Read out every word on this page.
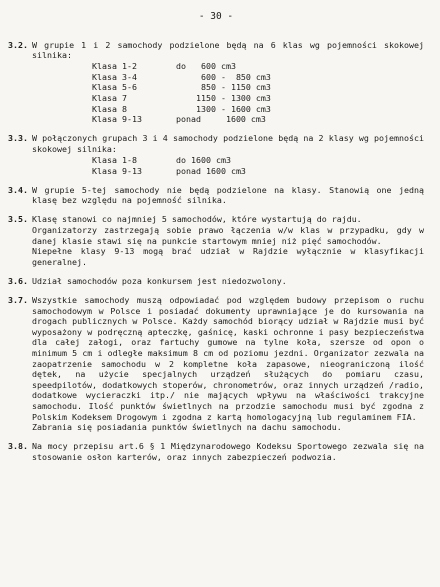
- 30 -
3.2. W grupie 1 i 2 samochody podzielone będą na 6 klas wg pojemności skokowej silnika:

Klasa 1-2	do   600 cm3
Klasa 3-4	600 -  850 cm3
Klasa 5-6	850 - 1150 cm3
Klasa 7	1150 - 1300 cm3
Klasa 8	1300 - 1600 cm3
Klasa 9-13	ponad     1600 cm3
3.3. W połączonych grupach 3 i 4 samochody podzielone będą na 2 klasy wg pojemności skokowej silnika:

Klasa 1-8	do 1600 cm3
Klasa 9-13	ponad 1600 cm3
3.4. W grupie 5-tej samochody nie będą podzielone na klasy. Stanowią one jedną klasę bez względu na pojemność silnika.

3.5. Klasę stanowi co najmniej 5 samochodów, które wystartują do rajdu.

Organizatorzy zastrzegają sobie prawo łączenia w/w klas w przypadku, gdy w danej klasie stawi się na punkcie startowym mniej niż pięć samochodów.

Niepełne klasy 9-13 mogą brać udział w Rajdzie wyłącznie w klasyfikacji generalnej.

3.6. Udział samochodów poza konkursem jest niedozwolony.

3.7. Wszystkie samochody muszą odpowiadać pod względem budowy przepisom o ruchu samochodowym w Polsce i posiadać dokumenty uprawniające je do kursowania na drogach publicznych w Polsce. Każdy samochód biorący udział w Rajdzie musi być wyposażony w podręczną apteczkę, gaśnicę, kaski ochronne i pasy bezpieczeństwa dla całej załogi, oraz fartuchy gumowe na tylne koła, szersze od opon o minimum 5 cm i odległe maksimum 8 cm od poziomu jezdni. Organizator zezwala na zaopatrzenie samochodu w 2 kompletne koła zapasowe, nieograniczoną ilość dętek, na użycie specjalnych urządzeń służących do pomiaru czasu, speedpilotów, dodatkowych stoperów, chronometrów, oraz innych urządzeń /radio, dodatkowe wycieraczki itp./ nie mających wpływu na właściwości trakcyjne samochodu. Ilość punktów świetlnych na przodzie samochodu musi być zgodna z Polskim Kodeksem Drogowym i zgodna z kartą homologacyjną lub regulaminem FIA.

Zabrania się posiadania punktów świetlnych na dachu samochodu.

3.8. Na mocy przepisu art.6 § 1 Międzynarodowego Kodeksu Sportowego zezwala się na stosowanie osłon karterów, oraz innych zabezpieczeń podwozia.
